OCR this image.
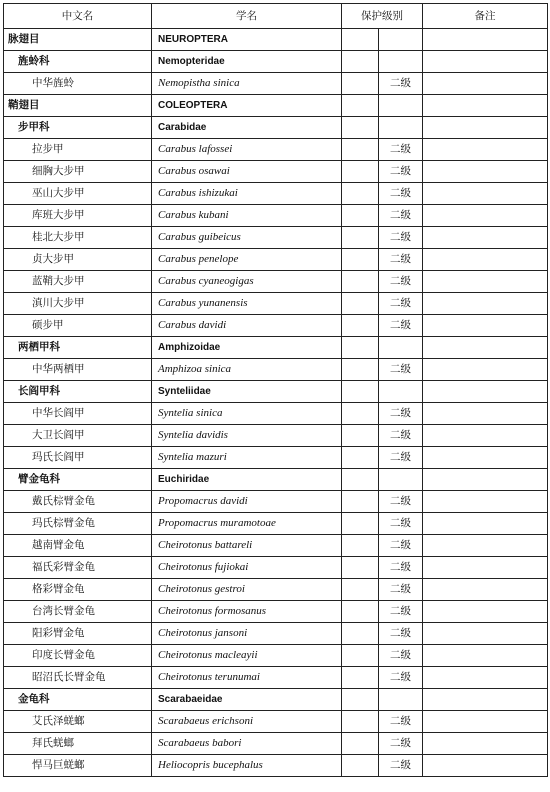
中文名	学名	保护级别		备注
脉翅目	NEUROPTERA			
旌蛉科	Nemopteridae			
中华旌蛉	Nemopistha sinica		二级	
鞘翅目	COLEOPTERA			
步甲科	Carabidae			
拉步甲	Carabus lafossei		二级	
细胸大步甲	Carabus osawai		二级	
巫山大步甲	Carabus ishizukai		二级	
库班大步甲	Carabus kubani		二级	
桂北大步甲	Carabus guibeicus		二级	
贞大步甲	Carabus penelope		二级	
蓝鞘大步甲	Carabus cyaneogigas		二级	
滇川大步甲	Carabus yunanensis		二级	
硕步甲	Carabus davidi		二级	
两栖甲科	Amphizoidae			
中华两栖甲	Amphizoa sinica		二级	
长阎甲科	Synteliidae			
中华长阎甲	Syntelia sinica		二级	
大卫长阎甲	Syntelia davidis		二级	
玛氏长阎甲	Syntelia mazuri		二级	
臂金龟科	Euchiridae			
戴氏棕臂金龟	Propomacrus davidi		二级	
玛氏棕臂金龟	Propomacrus muramotoae		二级	
越南臂金龟	Cheirotonus battareli		二级	
福氏彩臂金龟	Cheirotonus fujiokai		二级	
格彩臂金龟	Cheirotonus gestroi		二级	
台湾长臂金龟	Cheirotonus formosanus		二级	
阳彩臂金龟	Cheirotonus jansoni		二级	
印度长臂金龟	Cheirotonus macleayii		二级	
昭沼氏长臂金龟	Cheirotonus terunumai		二级	
金龟科	Scarabaeidae			
艾氏泽蜣螂	Scarabaeus erichsoni		二级	
拜氏蜣螂	Scarabaeus babori		二级	
悍马巨蜣螂	Heliocopris bucephalus		二级	
